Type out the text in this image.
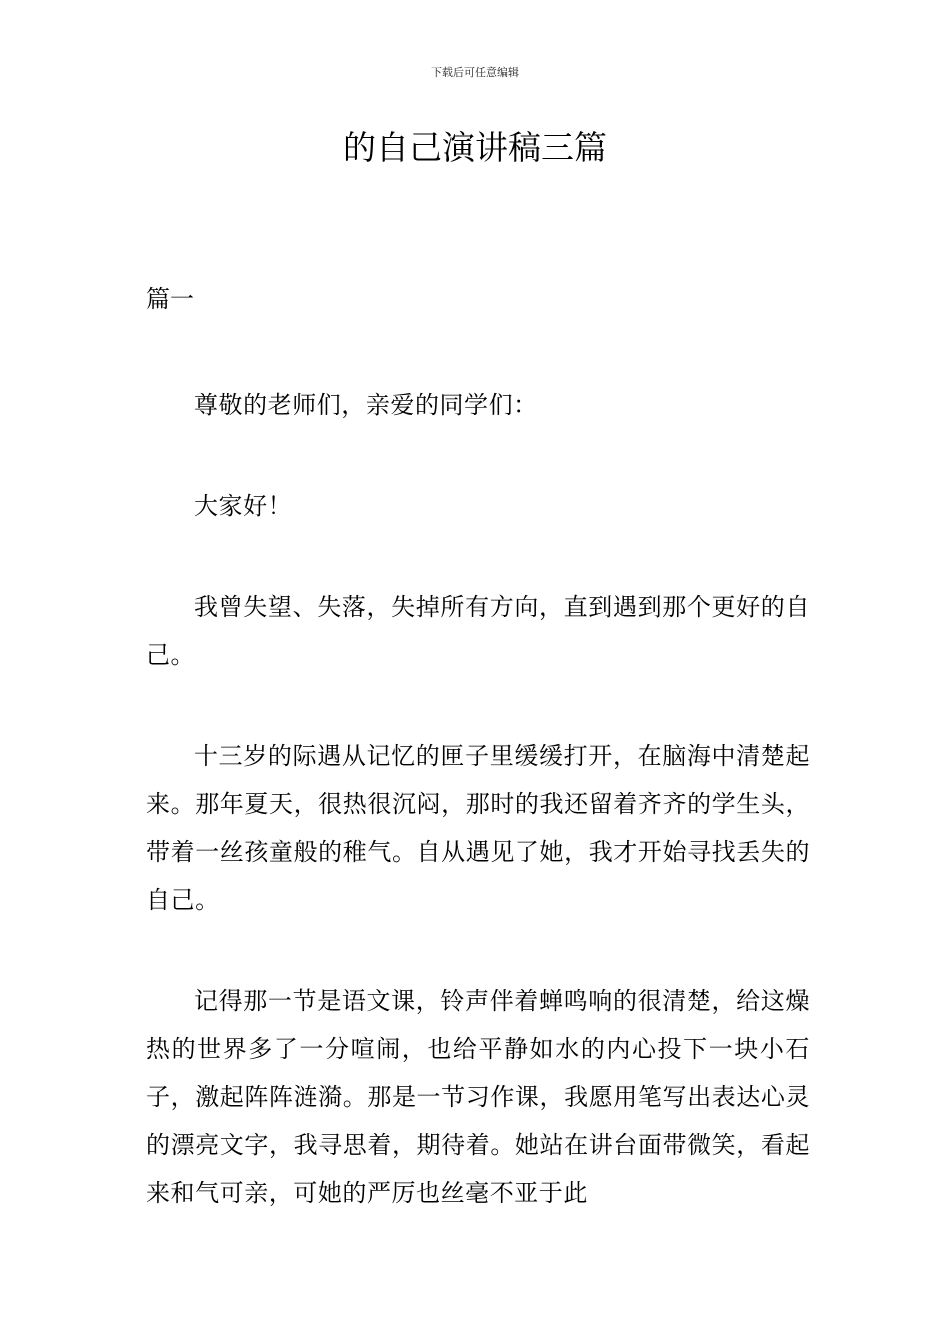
下载后可任意编辑
的自己演讲稿三篇
篇一

尊敬的老师们，亲爱的同学们：

大家好！

我曾失望、失落，失掉所有方向，直到遇到那个更好的自己。

十三岁的际遇从记忆的匣子里缓缓打开，在脑海中清楚起来。那年夏天，很热很沉闷，那时的我还留着齐齐的学生头，带着一丝孩童般的稚气。自从遇见了她，我才开始寻找丢失的自己。

记得那一节是语文课，铃声伴着蝉鸣响的很清楚，给这燥热的世界多了一分喧闹，也给平静如水的内心投下一块小石子，激起阵阵涟漪。那是一节习作课，我愿用笔写出表达心灵的漂亮文字，我寻思着，期待着。她站在讲台面带微笑，看起来和气可亲，可她的严厉也丝毫不亚于此
